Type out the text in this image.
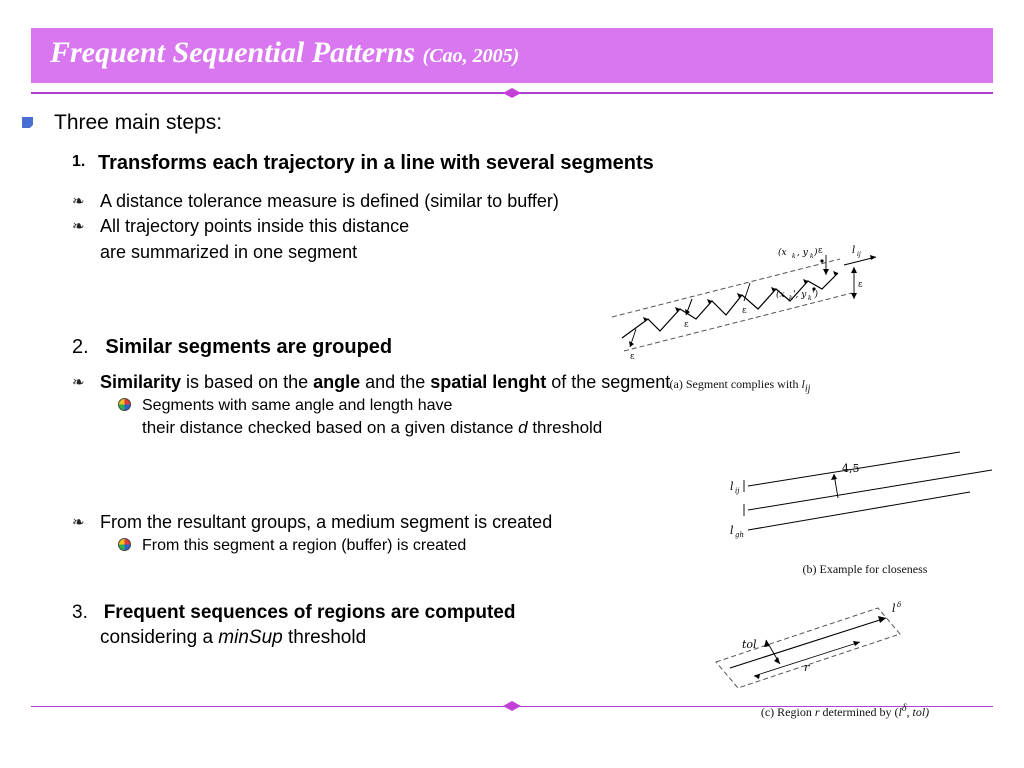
Frequent Sequential Patterns (Cao, 2005)
Three main steps:
1. Transforms each trajectory in a line with several segments
❧ A distance tolerance measure is defined (similar to buffer)
❧ All trajectory points inside this distance
are summarized in one segment
2. Similar segments are grouped
❧ Similarity is based on the angle and the spatial lenght of the segment
Segments with same angle and length have
their distance checked based on a given distance d threshold
❧ From the resultant groups, a medium segment is created
From this segment a region (buffer) is created
3. Frequent sequences of regions are computed
considering a minSup threshold
ε
ε
ε
ε
ε
(x k , y k )
(x k ', y k ')
l ij
(a) Segment complies with $l_{ij}$
4,5
l ij
l gh
(b) Example for closeness
tol
r
l δ
(c) Region r determined by ($l^\delta$, tol)
